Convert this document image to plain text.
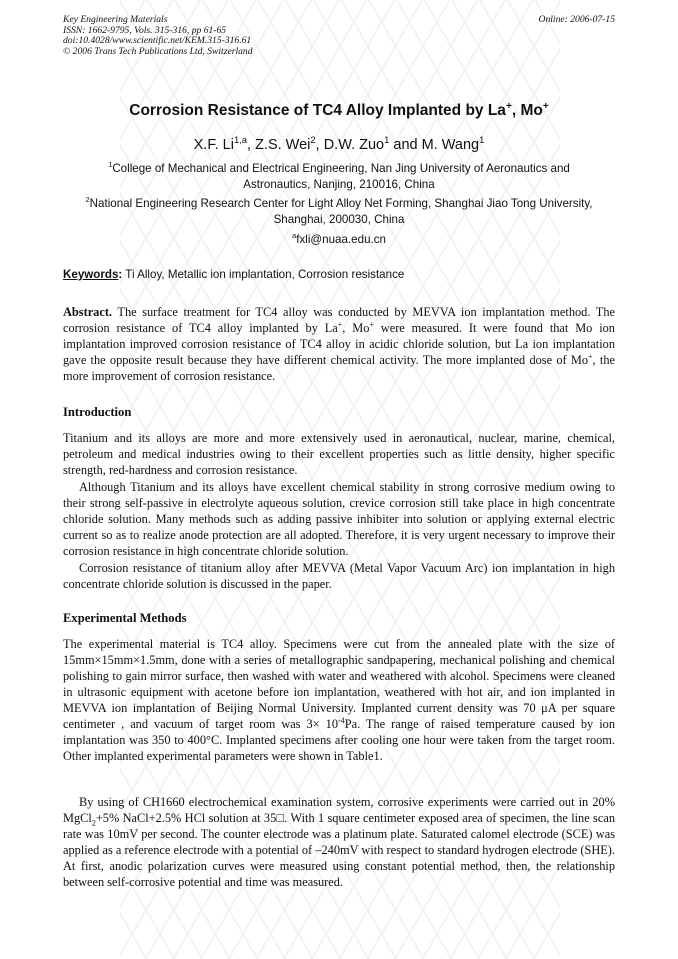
Key Engineering Materials
ISSN: 1662-9795, Vols. 315-316, pp 61-65
doi:10.4028/www.scientific.net/KEM.315-316.61
© 2006 Trans Tech Publications Ltd, Switzerland
Online: 2006-07-15
Corrosion Resistance of TC4 Alloy Implanted by La+, Mo+
X.F. Li$^{1,a}$, Z.S. Wei$^2$, D.W. Zuo$^1$ and M. Wang$^1$
$^1$College of Mechanical and Electrical Engineering, Nan Jing University of Aeronautics and
Astronautics, Nanjing, 210016, China
$^2$National Engineering Research Center for Light Alloy Net Forming, Shanghai Jiao Tong University,
Shanghai, 200030, China
$^a$fxli@nuaa.edu.cn
Keywords: Ti Alloy, Metallic ion implantation, Corrosion resistance

Abstract. The surface treatment for TC4 alloy was conducted by MEVVA ion implantation method. The corrosion resistance of TC4 alloy implanted by La+, Mo+ were measured. It were found that Mo ion implantation improved corrosion resistance of TC4 alloy in acidic chloride solution, but La ion implantation gave the opposite result because they have different chemical activity. The more implanted dose of Mo+, the more improvement of corrosion resistance.

Introduction

Titanium and its alloys are more and more extensively used in aeronautical, nuclear, marine, chemical, petroleum and medical industries owing to their excellent properties such as little density, higher specific strength, red-hardness and corrosion resistance.

Although Titanium and its alloys have excellent chemical stability in strong corrosive medium owing to their strong self-passive in electrolyte aqueous solution, crevice corrosion still take place in high concentrate chloride solution. Many methods such as adding passive inhibiter into solution or applying external electric current so as to realize anode protection are all adopted. Therefore, it is very urgent necessary to improve their corrosion resistance in high concentrate chloride solution.

Corrosion resistance of titanium alloy after MEVVA (Metal Vapor Vacuum Arc) ion implantation in high concentrate chloride solution is discussed in the paper.

Experimental Methods

The experimental material is TC4 alloy. Specimens were cut from the annealed plate with the size of 15mm×15mm×1.5mm, done with a series of metallographic sandpapering, mechanical polishing and chemical polishing to gain mirror surface, then washed with water and weathered with alcohol. Specimens were cleaned in ultrasonic equipment with acetone before ion implantation, weathered with hot air, and ion implanted in MEVVA ion implantation of Beijing Normal University. Implanted current density was 70 μA per square centimeter , and vacuum of target room was $3\times 10^{-4}Pa$. The range of raised temperature caused by ion implantation was 350 to 400°C. Implanted specimens after cooling one hour were taken from the target room. Other implanted experimental parameters were shown in Table1.

By using of CH1660 electrochemical examination system, corrosive experiments were carried out in 20% MgCl$_2$+5% NaCl+2.5% HCl solution at 35□. With 1 square centimeter exposed area of specimen, the line scan rate was 10mV per second. The counter electrode was a platinum plate. Saturated calomel electrode (SCE) was applied as a reference electrode with a potential of –240mV with respect to standard hydrogen electrode (SHE). At first, anodic polarization curves were measured using constant potential method, then, the relationship between self-corrosive potential and time was measured.
